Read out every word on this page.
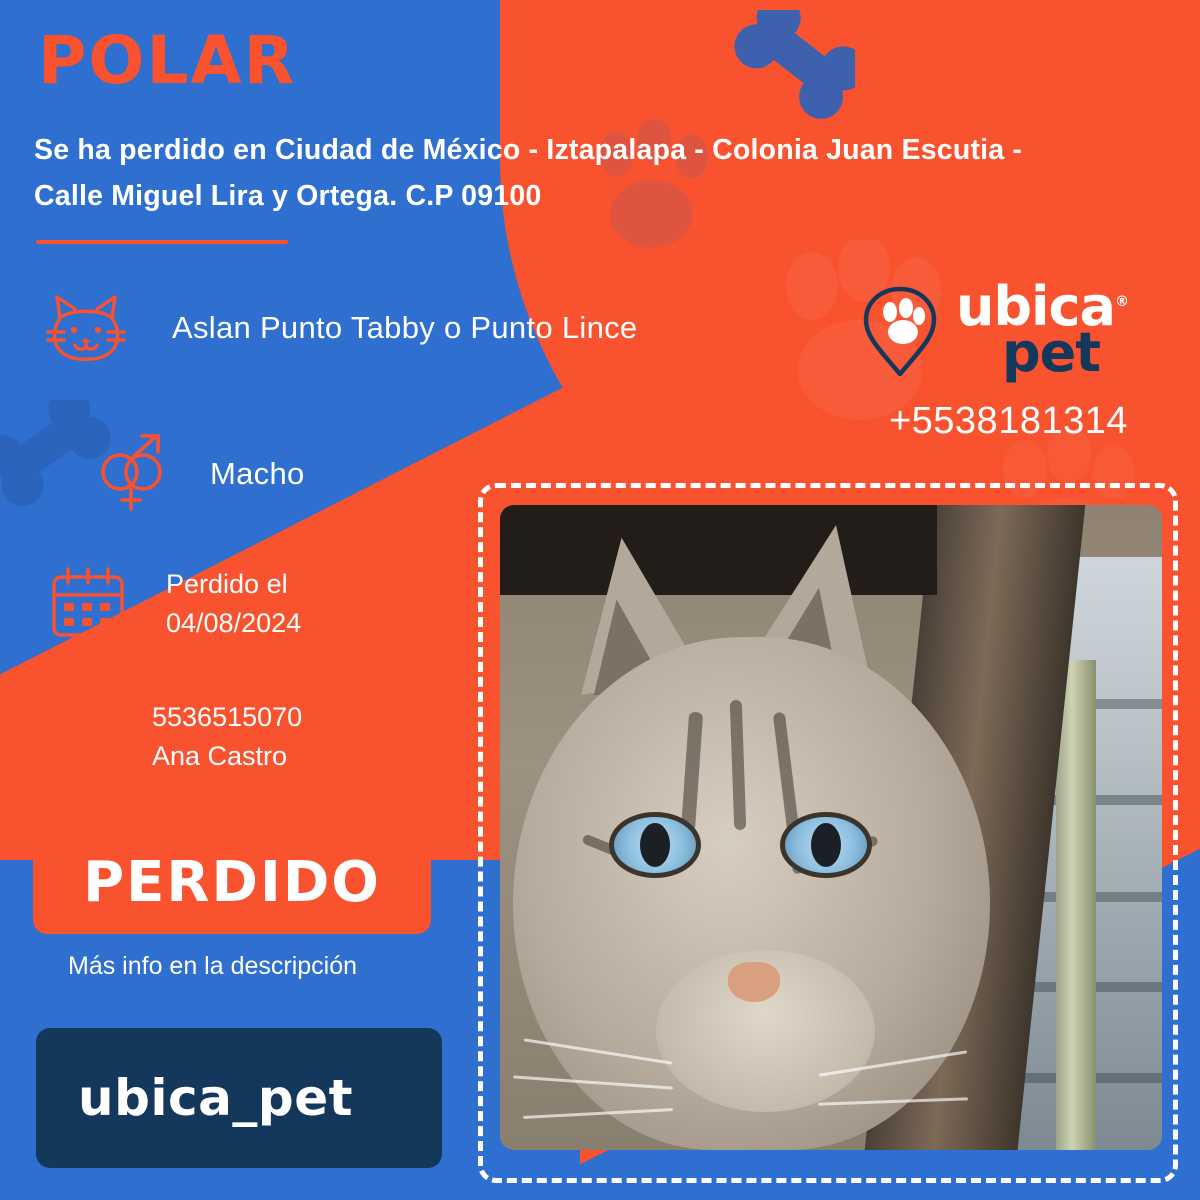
POLAR
Se ha perdido en Ciudad de México - Iztapalapa - Colonia Juan Escutia - Calle Miguel Lira y Ortega. C.P 09100
Aslan Punto Tabby o Punto Lince
Macho
Perdido el
04/08/2024
5536515070
Ana Castro
PERDIDO
Más info en la descripción
ubica_pet
ubica®
pet
+5538181314
